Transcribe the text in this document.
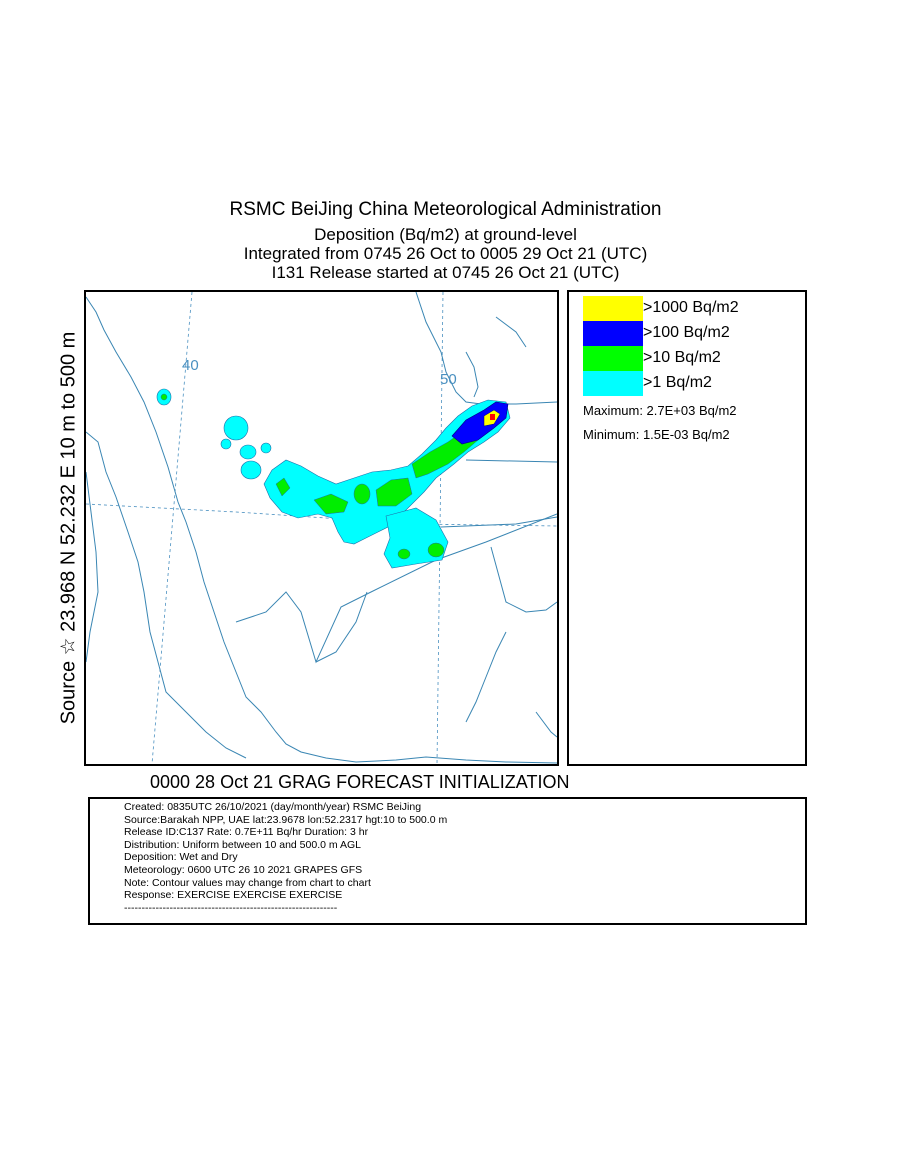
RSMC BeiJing China Meteorological Administration
Deposition (Bq/m2) at ground-level
Integrated from 0745 26 Oct to 0005 29 Oct 21 (UTC)
I131 Release started at 0745 26 Oct 21 (UTC)
Source ☆ 23.968 N 52.232 E 10 m to 500 m	40
50
>1000 Bq/m2
>100 Bq/m2
>10 Bq/m2
>1 Bq/m2
Maximum: 2.7E+03 Bq/m2
Minimum: 1.5E-03 Bq/m2
0000 28 Oct 21 GRAG FORECAST INITIALIZATION
Created: 0835UTC 26/10/2021 (day/month/year) RSMC BeiJing
Source:Barakah NPP, UAE lat:23.9678 lon:52.2317 hgt:10 to 500.0 m
Release ID:C137 Rate: 0.7E+11 Bq/hr Duration: 3 hr
Distribution: Uniform between 10 and 500.0 m AGL
Deposition: Wet and Dry
Meteorology: 0600 UTC 26 10 2021 GRAPES GFS
Note: Contour values may change from chart to chart
Response: EXERCISE EXERCISE EXERCISE
-------------------------------------------------------------
